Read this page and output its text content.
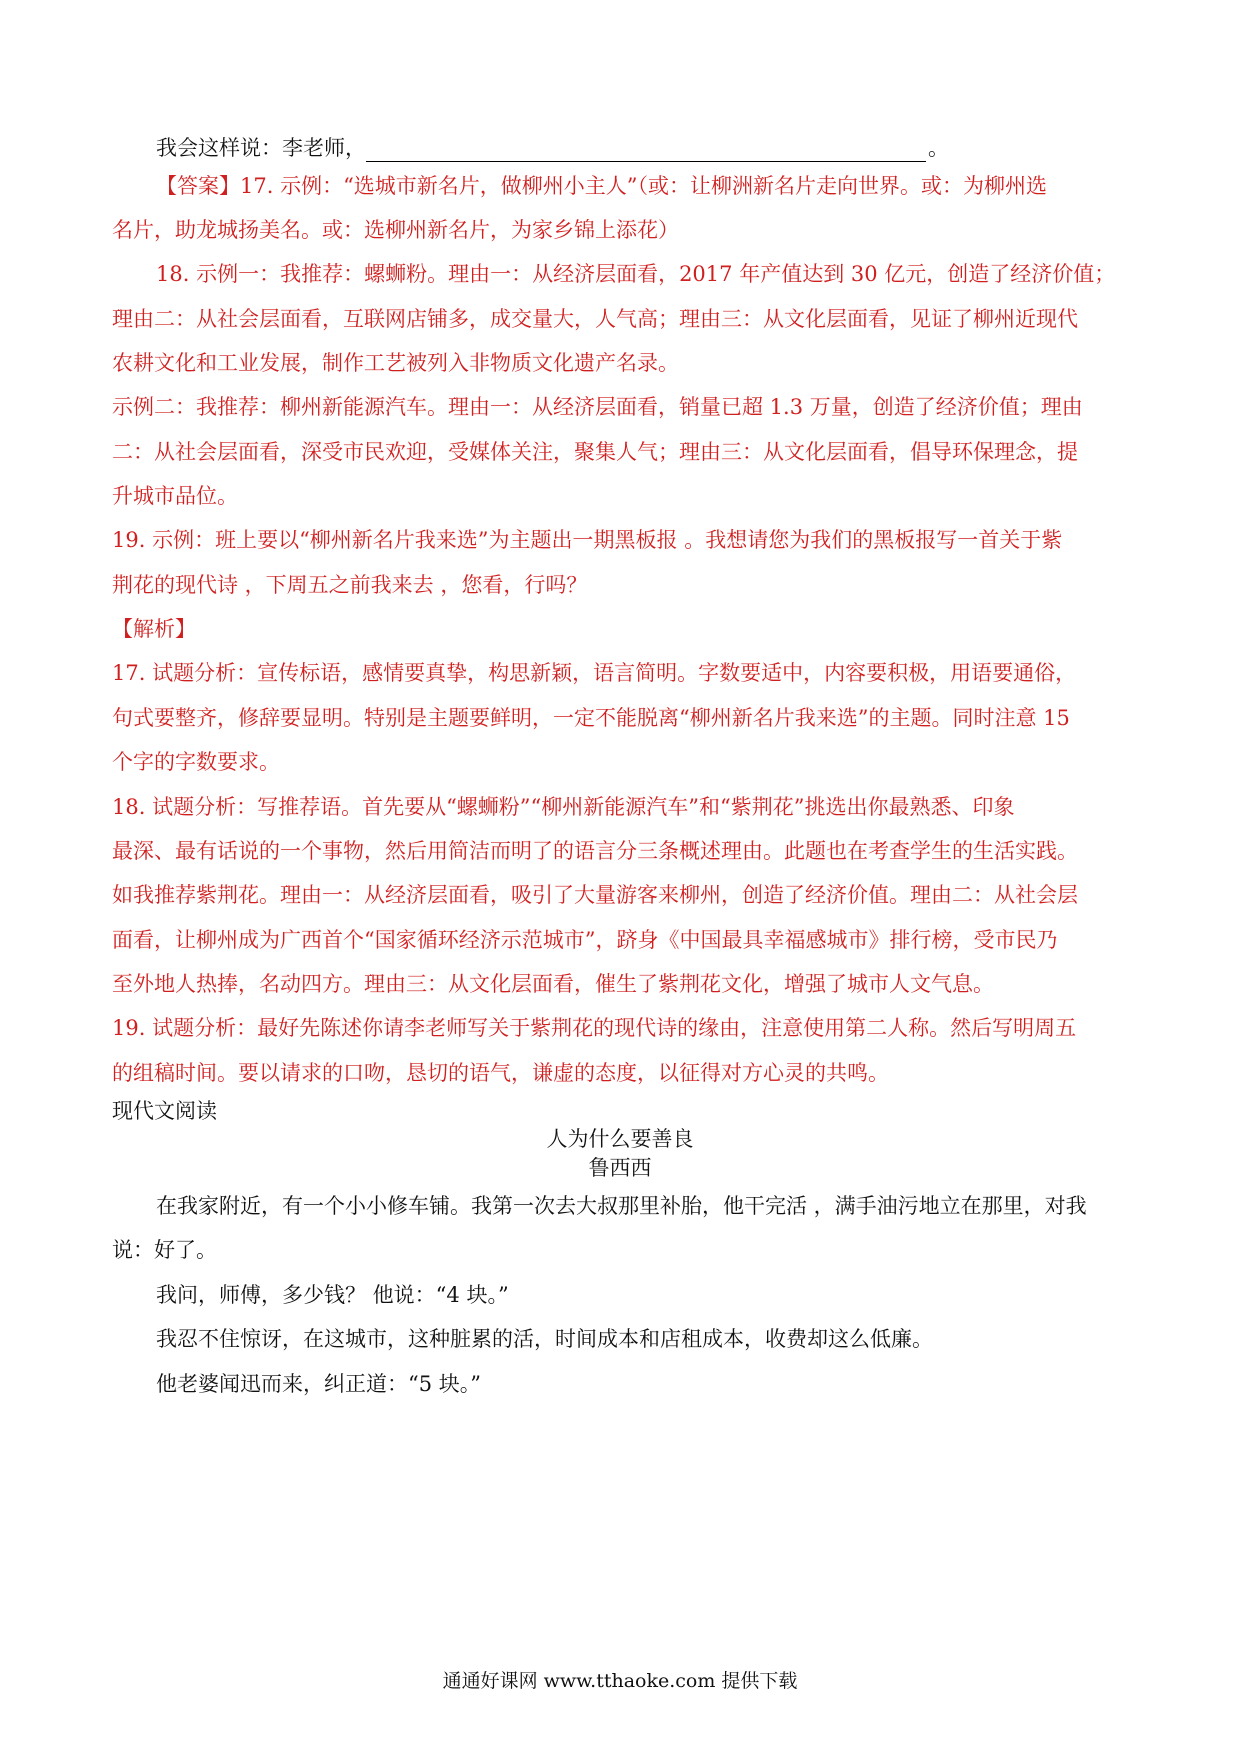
我会这样说：李老师，	。
【答案】17. 示例：“选城市新名片，做柳州小主人”（或：让柳洲新名片走向世界。或：为柳州选
名片，助龙城扬美名。或：选柳州新名片，为家乡锦上添花）
18. 示例一：我推荐：螺蛳粉。理由一：从经济层面看，2017 年产值达到 30 亿元，创造了经济价值；
理由二：从社会层面看，互联网店铺多，成交量大，人气高；理由三：从文化层面看，见证了柳州近现代
农耕文化和工业发展，制作工艺被列入非物质文化遗产名录。
示例二：我推荐：柳州新能源汽车。理由一：从经济层面看，销量已超 1.3 万量，创造了经济价值；理由
二：从社会层面看，深受市民欢迎，受媒体关注，聚集人气；理由三：从文化层面看，倡导环保理念，提
升城市品位。
19. 示例：班上要以“柳州新名片我来选”为主题出一期黑板报 。我想请您为我们的黑板报写一首关于紫
荆花的现代诗 ，下周五之前我来去 ，您看，行吗？
【解析】
17. 试题分析：宣传标语，感情要真挚，构思新颖，语言简明。字数要适中，内容要积极，用语要通俗，
句式要整齐，修辞要显明。特别是主题要鲜明，一定不能脱离“柳州新名片我来选”的主题。同时注意 15
个字的字数要求。
18. 试题分析：写推荐语。首先要从“螺蛳粉”“柳州新能源汽车”和“紫荆花”挑选出你最熟悉、印象
最深、最有话说的一个事物，然后用简洁而明了的语言分三条概述理由。此题也在考查学生的生活实践。
如我推荐紫荆花。理由一：从经济层面看，吸引了大量游客来柳州，创造了经济价值。理由二：从社会层
面看，让柳州成为广西首个“国家循环经济示范城市”，跻身《中国最具幸福感城市》排行榜，受市民乃
至外地人热捧，名动四方。理由三：从文化层面看，催生了紫荆花文化，增强了城市人文气息。
19. 试题分析：最好先陈述你请李老师写关于紫荆花的现代诗的缘由，注意使用第二人称。然后写明周五
的组稿时间。要以请求的口吻，恳切的语气，谦虚的态度，以征得对方心灵的共鸣。
现代文阅读
人为什么要善良
鲁西西
在我家附近，有一个小小修车铺。我第一次去大叔那里补胎，他干完活 ，满手油污地立在那里，对我
说：好了。
我问，师傅，多少钱？ 他说：“4 块。”
我忍不住惊讶，在这城市，这种脏累的活，时间成本和店租成本，收费却这么低廉。
他老婆闻迅而来，纠正道：“5 块。”
通通好课网 www.tthaoke.com 提供下载
